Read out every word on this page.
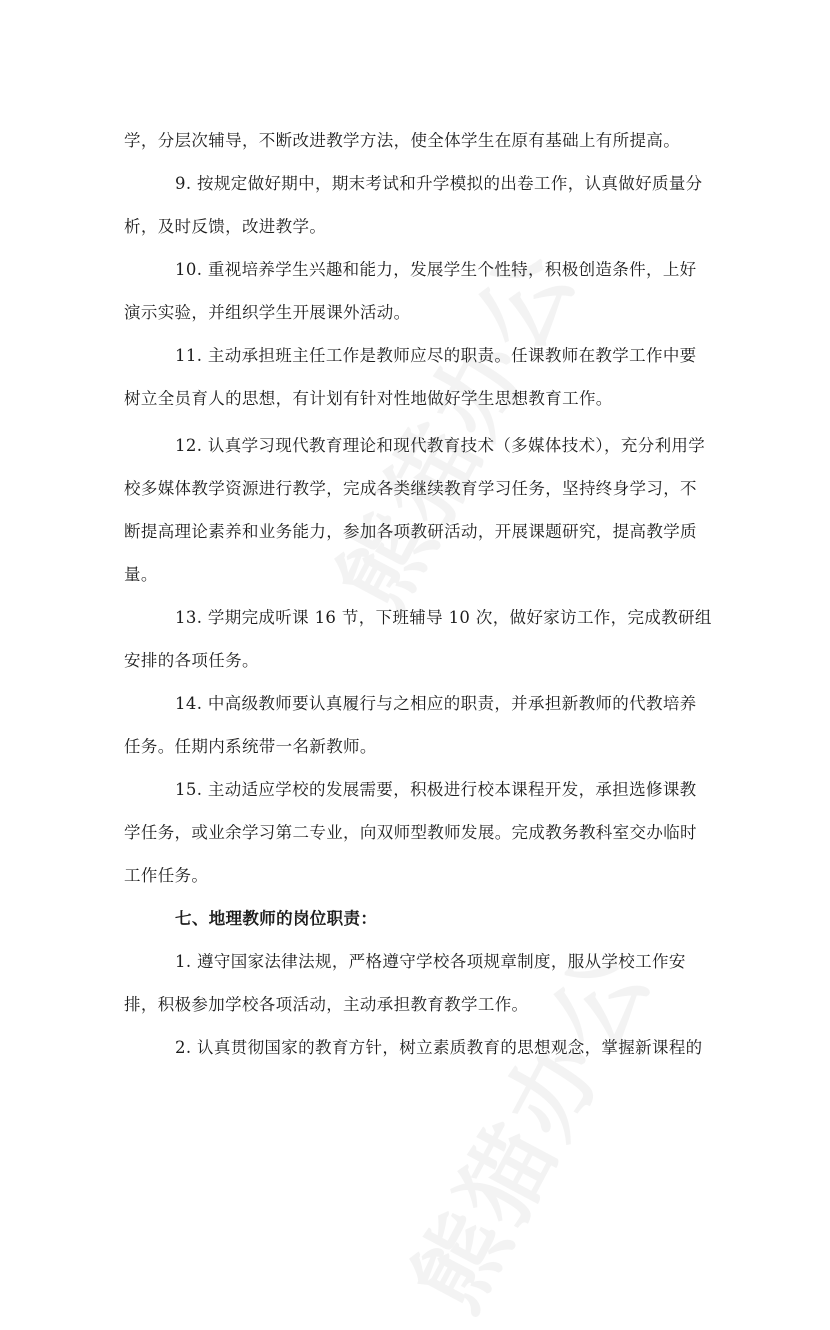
学，分层次辅导，不断改进教学方法，使全体学生在原有基础上有所提高。

9. 按规定做好期中，期末考试和升学模拟的出卷工作，认真做好质量分

析，及时反馈，改进教学。

10. 重视培养学生兴趣和能力，发展学生个性特，积极创造条件，上好

演示实验，并组织学生开展课外活动。

11. 主动承担班主任工作是教师应尽的职责。任课教师在教学工作中要

树立全员育人的思想，有计划有针对性地做好学生思想教育工作。

12. 认真学习现代教育理论和现代教育技术（多媒体技术），充分利用学

校多媒体教学资源进行教学，完成各类继续教育学习任务，坚持终身学习，不

断提高理论素养和业务能力，参加各项教研活动，开展课题研究，提高教学质

量。

13. 学期完成听课 16 节，下班辅导 10 次，做好家访工作，完成教研组

安排的各项任务。

14. 中高级教师要认真履行与之相应的职责，并承担新教师的代教培养

任务。任期内系统带一名新教师。

15. 主动适应学校的发展需要，积极进行校本课程开发，承担选修课教

学任务，或业余学习第二专业，向双师型教师发展。完成教务教科室交办临时

工作任务。

七、地理教师的岗位职责：

1. 遵守国家法律法规，严格遵守学校各项规章制度，服从学校工作安

排，积极参加学校各项活动，主动承担教育教学工作。

2. 认真贯彻国家的教育方针，树立素质教育的思想观念，掌握新课程的
